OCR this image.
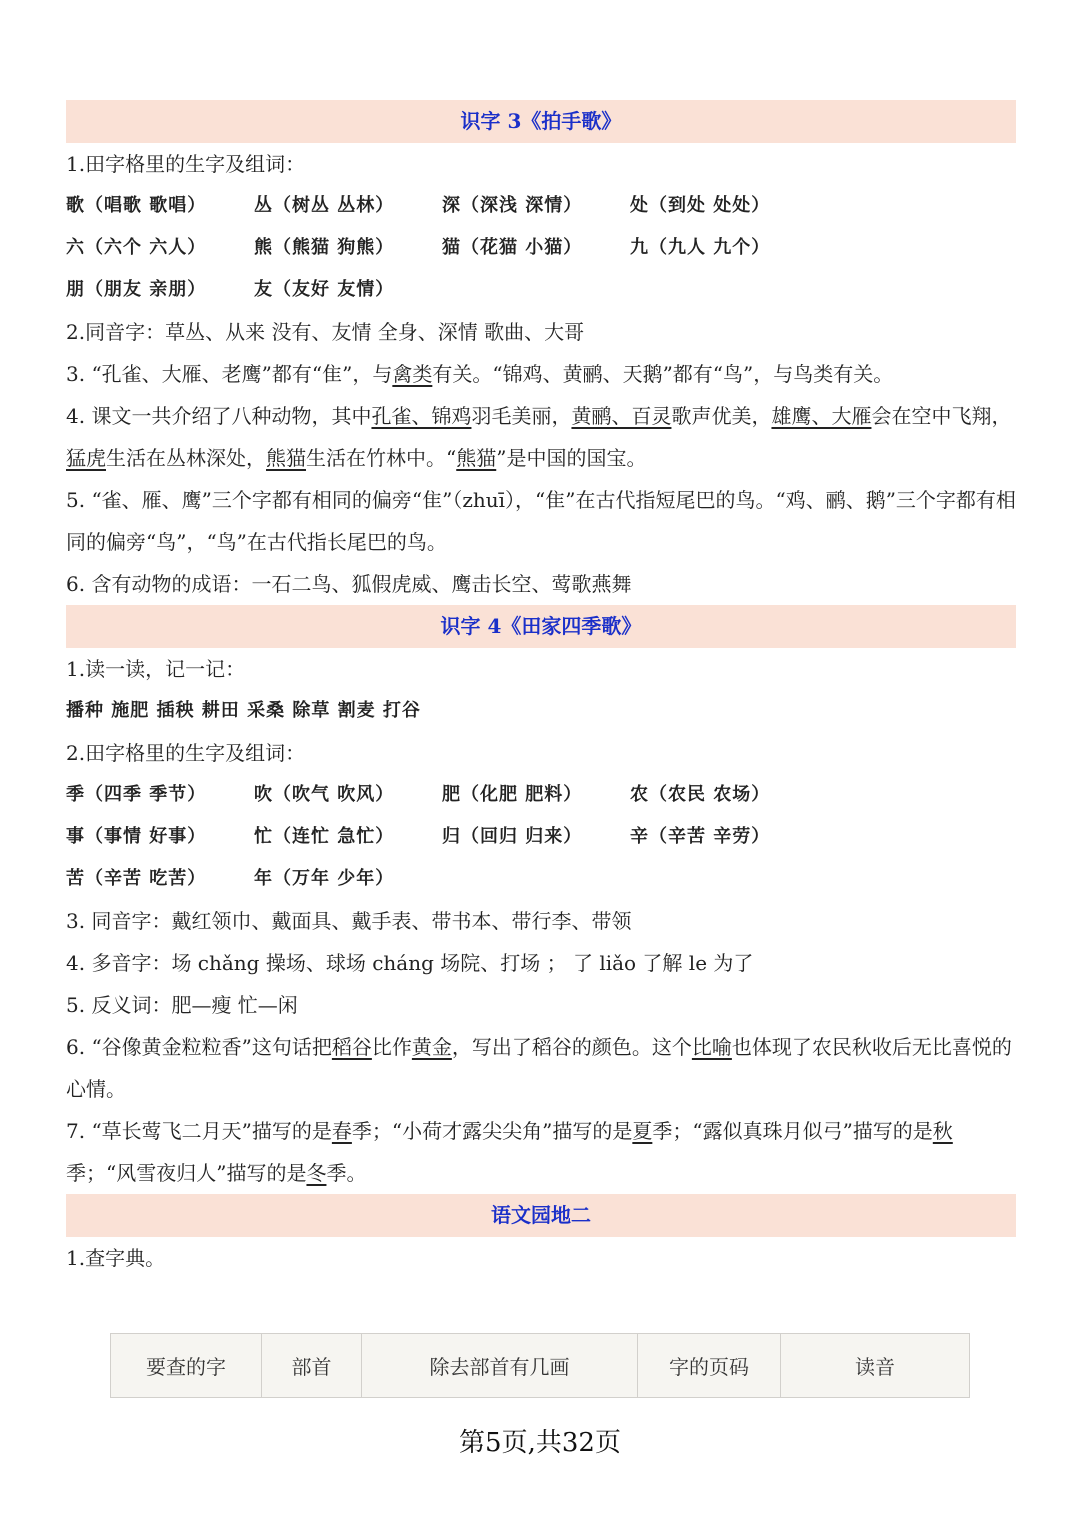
识字 3《拍手歌》
1.田字格里的生字及组词：
歌（唱歌 歌唱）	丛（树丛 丛林）	深（深浅 深情）	处（到处 处处）
六（六个 六人）	熊（熊猫 狗熊）	猫（花猫 小猫）	九（九人 九个）
朋（朋友 亲朋）	友（友好 友情）
2.同音字：草丛、从来 没有、友情 全身、深情 歌曲、大哥
3. “孔雀、大雁、老鹰”都有“隹”，与禽类有关。“锦鸡、黄鹂、天鹅”都有“鸟”，与鸟类有关。
4. 课文一共介绍了八种动物，其中孔雀、锦鸡羽毛美丽，黄鹂、百灵歌声优美，雄鹰、大雁会在空中飞翔，猛虎生活在丛林深处，熊猫生活在竹林中。“熊猫”是中国的国宝。
5. “雀、雁、鹰”三个字都有相同的偏旁“隹”（zhuī），“隹”在古代指短尾巴的鸟。“鸡、鹂、鹅”三个字都有相同的偏旁“鸟”，“鸟”在古代指长尾巴的鸟。
6. 含有动物的成语：一石二鸟、狐假虎威、鹰击长空、莺歌燕舞
识字 4《田家四季歌》
1.读一读，记一记：
播种 施肥 插秧 耕田 采桑 除草 割麦 打谷
2.田字格里的生字及组词：
季（四季 季节）	吹（吹气 吹风）	肥（化肥 肥料）	农（农民 农场）
事（事情 好事）	忙（连忙 急忙）	归（回归 归来）	辛（辛苦 辛劳）
苦（辛苦 吃苦）	年（万年 少年）
3. 同音字：戴红领巾、戴面具、戴手表、带书本、带行李、带领
4. 多音字：场 chǎng 操场、球场 cháng 场院、打场 ； 了 liǎo 了解 le 为了
5. 反义词：肥—瘦 忙—闲
6. “谷像黄金粒粒香”这句话把稻谷比作黄金，写出了稻谷的颜色。这个比喻也体现了农民秋收后无比喜悦的心情。
7. “草长莺飞二月天”描写的是春季；“小荷才露尖尖角”描写的是夏季；“露似真珠月似弓”描写的是秋季；“风雪夜归人”描写的是冬季。
语文园地二
1.查字典。
要查的字	部首	除去部首有几画	字的页码	读音
第5页,共32页
